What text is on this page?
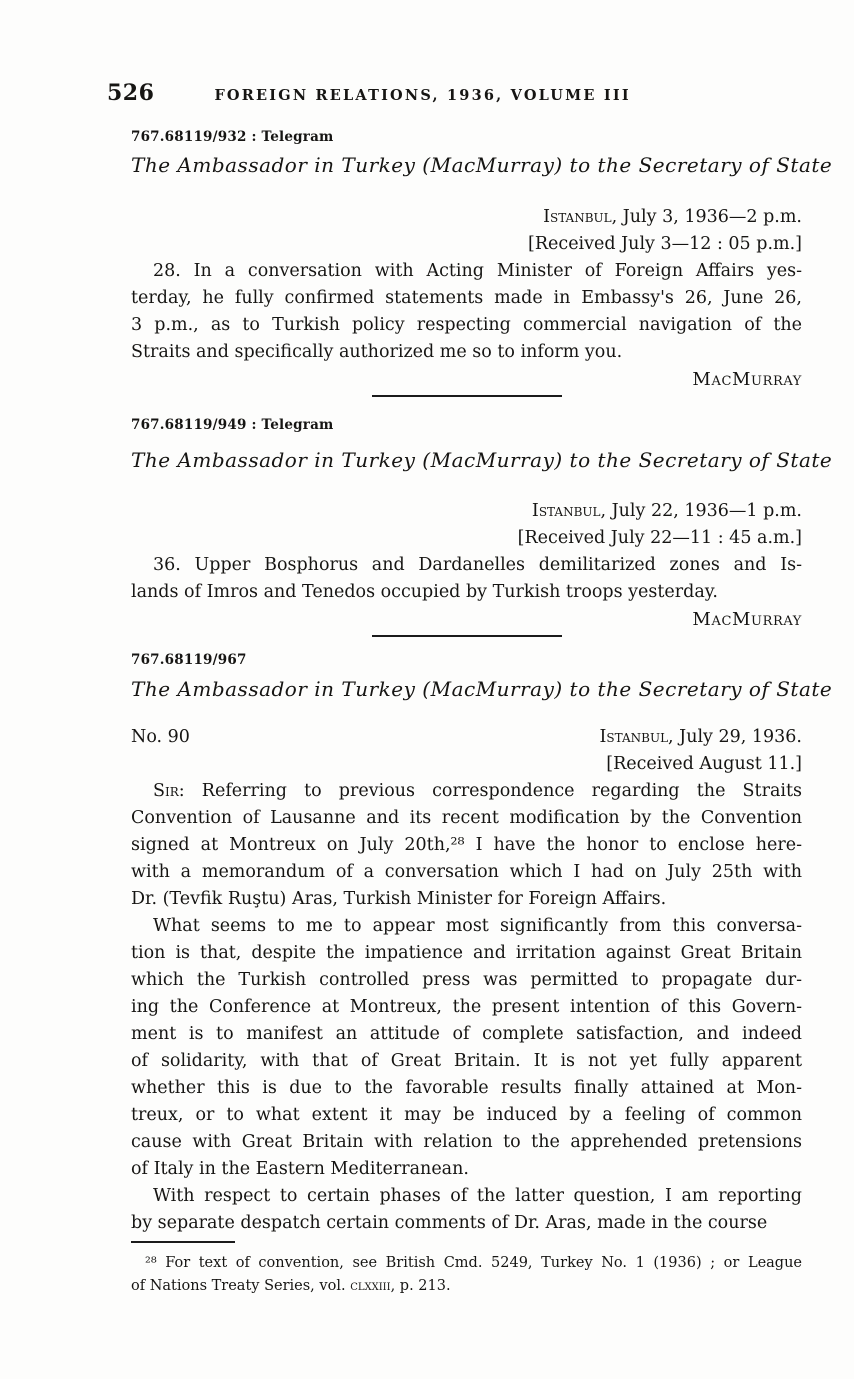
526	FOREIGN RELATIONS, 1936, VOLUME III
767.68119/932 : Telegram
The Ambassador in Turkey (MacMurray) to the Secretary of State
Istanbul, July 3, 1936—2 p.m.
[Received July 3—12 : 05 p.m.]
28. In a conversation with Acting Minister of Foreign Affairs yes-
terday, he fully confirmed statements made in Embassy's 26, June 26,
3 p.m., as to Turkish policy respecting commercial navigation of the
Straits and specifically authorized me so to inform you.
MacMurray
767.68119/949 : Telegram
The Ambassador in Turkey (MacMurray) to the Secretary of State
Istanbul, July 22, 1936—1 p.m.
[Received July 22—11 : 45 a.m.]
36. Upper Bosphorus and Dardanelles demilitarized zones and Is-
lands of Imros and Tenedos occupied by Turkish troops yesterday.
MacMurray
767.68119/967
The Ambassador in Turkey (MacMurray) to the Secretary of State
No. 90	Istanbul, July 29, 1936.
[Received August 11.]
Sir: Referring to previous correspondence regarding the Straits
Convention of Lausanne and its recent modification by the Convention
signed at Montreux on July 20th,²⁸ I have the honor to enclose here-
with a memorandum of a conversation which I had on July 25th with
Dr. (Tevfik Ruştu) Aras, Turkish Minister for Foreign Affairs.
What seems to me to appear most significantly from this conversa-
tion is that, despite the impatience and irritation against Great Britain
which the Turkish controlled press was permitted to propagate dur-
ing the Conference at Montreux, the present intention of this Govern-
ment is to manifest an attitude of complete satisfaction, and indeed
of solidarity, with that of Great Britain. It is not yet fully apparent
whether this is due to the favorable results finally attained at Mon-
treux, or to what extent it may be induced by a feeling of common
cause with Great Britain with relation to the apprehended pretensions
of Italy in the Eastern Mediterranean.
With respect to certain phases of the latter question, I am reporting
by separate despatch certain comments of Dr. Aras, made in the course
²⁸ For text of convention, see British Cmd. 5249, Turkey No. 1 (1936) ; or League
of Nations Treaty Series, vol. clxxiii, p. 213.
